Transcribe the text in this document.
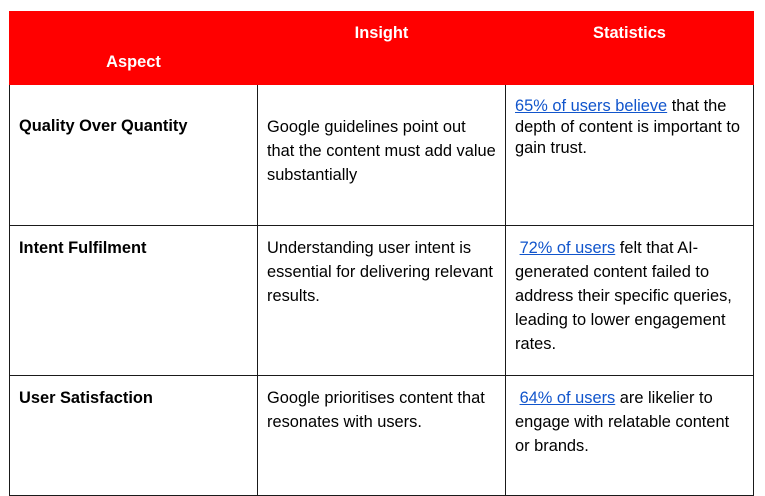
Aspect	Insight	Statistics
Quality Over Quantity	Google guidelines point out that the content must add value substantially	65% of users believe that the depth of content is important to gain trust.
Intent Fulfilment	Understanding user intent is essential for delivering relevant results.	72% of users felt that AI-generated content failed to address their specific queries, leading to lower engagement rates.
User Satisfaction	Google prioritises content that resonates with users.	64% of users are likelier to engage with relatable content or brands.
